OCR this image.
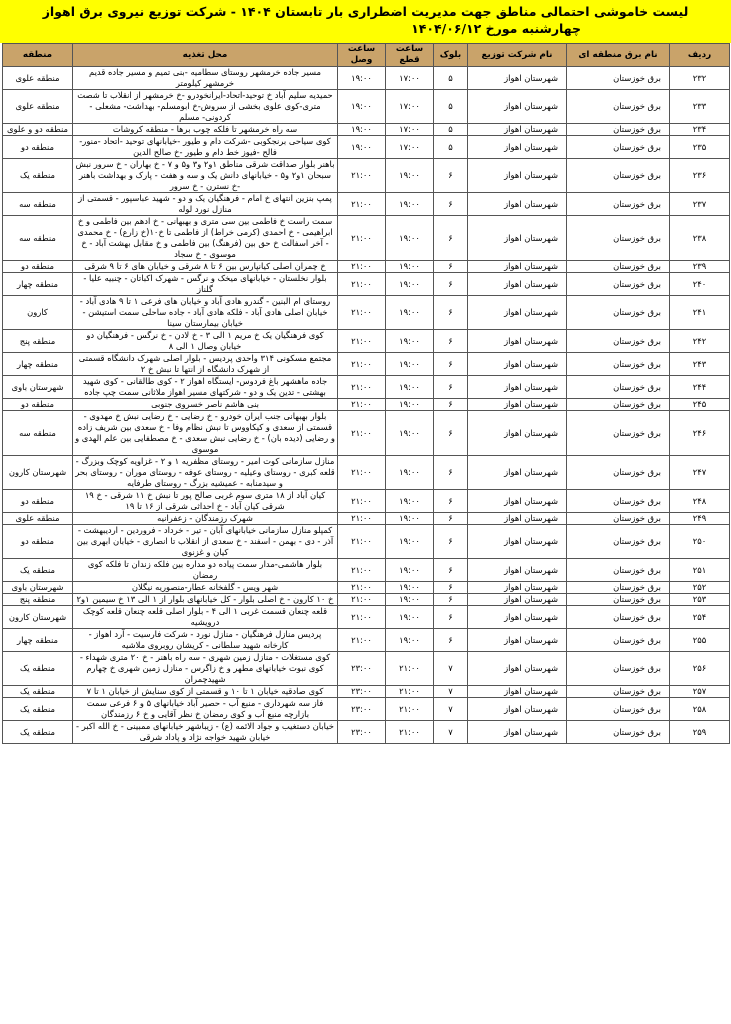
لیست خاموشی احتمالی مناطق جهت مدیریت اضطراری بار تابستان ۱۴۰۴ - شرکت توزیع نیروی برق اهواز
چهارشنبه مورخ ۱۴۰۴/۰۶/۱۲
ردیف	نام برق منطقه ای	نام شرکت توزیع	بلوک	ساعت قطع	ساعت وصل	محل تغذیه	منطقه
۲۳۲	برق خوزستان	شهرستان اهواز	۵	۱۷:۰۰	۱۹:۰۰	مسیر جاده خرمشهر روستای سطامیه -بنی تمیم و مسیر جاده قدیم خرمشهر کیلومتر	منطقه علوی
۲۳۳	برق خوزستان	شهرستان اهواز	۵	۱۷:۰۰	۱۹:۰۰	حمیدیه سلیم آباد خ توحید-اتحاد-ایرانخودرو -خ خرمشهر از انقلاب تا شصت متری-کوی علوی بخشی از سروش-خ ابومسلم- بهداشت- مشعلی - کردونی- مسلم	منطقه علوی
۲۳۴	برق خوزستان	شهرستان اهواز	۵	۱۷:۰۰	۱۹:۰۰	سه راه خرمشهر تا فلکه چوب برها - منطقه کروشات	منطقه دو و علوی
۲۳۵	برق خوزستان	شهرستان اهواز	۵	۱۷:۰۰	۱۹:۰۰	کوی سیاحی برنجکوبی -شرکت دام و طیور -خیابانهای توحید -اتحاد -منور- فالح -فیوز خط دام و طیور -خ صالح الدین	منطقه دو
۲۳۶	برق خوزستان	شهرستان اهواز	۶	۱۹:۰۰	۲۱:۰۰	باهنر بلوار صداقت شرقی مناطق ۱و۲ و۳ و۵ و ۷ - خ بهاران - خ سرور نبش سبحان ۱و۲ و۵ - خیابانهای دانش یک و سه و هفت - پارک و بهداشت باهنر -خ نسترن - خ سرور	منطقه یک
۲۳۷	برق خوزستان	شهرستان اهواز	۶	۱۹:۰۰	۲۱:۰۰	پمپ بنزین انتهای خ امام - فرهنگیان یک و دو - شهید عباسپور - قسمتی از منازل نورد لوله	منطقه سه
۲۳۸	برق خوزستان	شهرستان اهواز	۶	۱۹:۰۰	۲۱:۰۰	سمت راست خ فاطمی بین سی متری و بهبهانی - خ ادهم بین فاطمی و خ ابراهیمی - خ احمدی (کرمی خراط) از فاطمی تا خ۱۰(خ زارع) - خ محمدی - آخر اسفالت خ حق بین (فرهنگ) بین فاطمی و خ مقابل بهشت آباد - خ موسوی - خ سجاد	منطقه سه
۲۳۹	برق خوزستان	شهرستان اهواز	۶	۱۹:۰۰	۲۱:۰۰	خ چمران اصلی کیانپارس بین ۶ تا ۸ شرقی و خیابان های ۶ تا ۹ شرقی	منطقه دو
۲۴۰	برق خوزستان	شهرستان اهواز	۶	۱۹:۰۰	۲۱:۰۰	بلوار نخلستان - خیابانهای میخک و نرگس - شهرک اکباتان - چنبیه علیا - گلناز	منطقه چهار
۲۴۱	برق خوزستان	شهرستان اهواز	۶	۱۹:۰۰	۲۱:۰۰	روستای ام البنین - گندرو هادی آباد و خیابان های فرعی ۱ تا ۹ هادی آباد - خیابان اصلی هادی آباد - فلکه هادی آباد - جاده ساحلی سمت استیشن - خیابان بیمارستان سینا	کارون
۲۴۲	برق خوزستان	شهرستان اهواز	۶	۱۹:۰۰	۲۱:۰۰	کوی فرهنگیان یک خ مریم ۱ الی ۳ - خ لادن - خ نرگس - فرهنگیان دو خیابان وصال ۱ الی ۸	منطقه پنج
۲۴۳	برق خوزستان	شهرستان اهواز	۶	۱۹:۰۰	۲۱:۰۰	مجتمع مسکونی ۳۱۴ واحدی پردیس - بلوار اصلی شهرک دانشگاه قسمتی از شهرک دانشگاه از انتها تا نبش خ ۲	منطقه چهار
۲۴۴	برق خوزستان	شهرستان اهواز	۶	۱۹:۰۰	۲۱:۰۰	جاده ماهشهر باغ فردوس- ایستگاه اهواز ۲ - کوی طالقانی - کوی شهید بهشتی - تدین یک و دو - شرکتهای مسیر اهواز ملاثانی سمت چپ جاده	شهرستان باوی
۲۴۵	برق خوزستان	شهرستان اهواز	۶	۱۹:۰۰	۲۱:۰۰	بنی هاشم ناصر خسروی جنوبی	منطقه دو
۲۴۶	برق خوزستان	شهرستان اهواز	۶	۱۹:۰۰	۲۱:۰۰	بلوار بهبهانی جنب ایران خودرو - خ رضایی - خ رضایی نبش خ مهدوی - قسمتی از سعدی و کیکاووس تا نبش نظام وفا - خ سعدی بین شریف زاده و رضایی (دیده بان) - خ رضایی نبش سعدی - خ مصطفایی بین علم الهدی و موسوی	منطقه سه
۲۴۷	برق خوزستان	شهرستان اهواز	۶	۱۹:۰۰	۲۱:۰۰	منازل سازمانی کوت امیر - روستای مظفریه ۱ و ۲ - غزاویه کوچک وبزرگ - قلعه کبری - روستای وعیلیه - روستای عوفه - روستای موران - روستای بحر و سیدمنابه - عمیشیه بزرگ - روستای طرفایه	شهرستان کارون
۲۴۸	برق خوزستان	شهرستان اهواز	۶	۱۹:۰۰	۲۱:۰۰	کیان آباد از ۱۸ متری سوم غربی صالح پور تا نبش خ ۱۱ شرقی - خ ۱۹ شرقی کیان آباد - خ احداثی شرقی از ۱۶ تا ۱۹	منطقه دو
۲۴۹	برق خوزستان	شهرستان اهواز	۶	۱۹:۰۰	۲۱:۰۰	شهرک رزمندگان - زعفرانیه	منطقه علوی
۲۵۰	برق خوزستان	شهرستان اهواز	۶	۱۹:۰۰	۲۱:۰۰	کمپلو منازل سازمانی خیابانهای آبان - تیر - خرداد - فروردین - اردیبهشت - آذر - دی - بهمن - اسفند - خ سعدی از انقلاب تا انصاری - خیابان ابهری بین کیان و غزنوی	منطقه دو
۲۵۱	برق خوزستان	شهرستان اهواز	۶	۱۹:۰۰	۲۱:۰۰	بلوار هاشمی-مدار سمت پیاده دو مداره بین فلکه زندان تا فلکه کوی رمضان	منطقه یک
۲۵۲	برق خوزستان	شهرستان اهواز	۶	۱۹:۰۰	۲۱:۰۰	شهر ویس - گلفخانه عطار-منصوریه نیگلان	شهرستان باوی
۲۵۳	برق خوزستان	شهرستان اهواز	۶	۱۹:۰۰	۲۱:۰۰	خ ۱۰ کارون - خ اصلی بلوار - کل خیابانهای بلوار از ۱ الی ۱۳ خ سیمین ۱و۲	منطقه پنج
۲۵۴	برق خوزستان	شهرستان اهواز	۶	۱۹:۰۰	۲۱:۰۰	قلعه چنعان قسمت غربی ۱ الی ۴ - بلوار اصلی قلعه چنعان قلعه کوچک درویشیه	شهرستان کارون
۲۵۵	برق خوزستان	شهرستان اهواز	۶	۱۹:۰۰	۲۱:۰۰	پردیس منازل فرهنگیان - منازل نورد - شرکت فارسیت - آرد اهواز - کارخانه شهید سلطانی - کریشان روبروی ملاشیه	منطقه چهار
۲۵۶	برق خوزستان	شهرستان اهواز	۷	۲۱:۰۰	۲۳:۰۰	کوی مستغلات - منازل زمین شهری - سه راه باهنر - خ ۲۰ متری شهداء - کوی نبوت خیابانهای مطهر و خ زاگرس - منازل زمین شهری خ چهارم شهیدچمران	منطقه یک
۲۵۷	برق خوزستان	شهرستان اهواز	۷	۲۱:۰۰	۲۳:۰۰	کوی صادقیه خیابان ۱ تا ۱۰ و قسمتی از کوی سنایش از خیابان ۱ تا ۷	منطقه یک
۲۵۸	برق خوزستان	شهرستان اهواز	۷	۲۱:۰۰	۲۳:۰۰	فاز سه شهرداری - منبع آب - حصیر آباد خیابانهای ۵ و ۶ فرعی سمت بازارچه منبع آب و کوی رمضان خ نظر آقایی و خ ۶ رزمندگان	منطقه یک
۲۵۹	برق خوزستان	شهرستان اهواز	۷	۲۱:۰۰	۲۳:۰۰	خیابان دستغیب و جواد الائمه (ع) - زیباشهر خیابانهای ممبینی - خ الله اکبر - خیابان شهید خواجه نژاد و پاداد شرقی	منطقه یک
